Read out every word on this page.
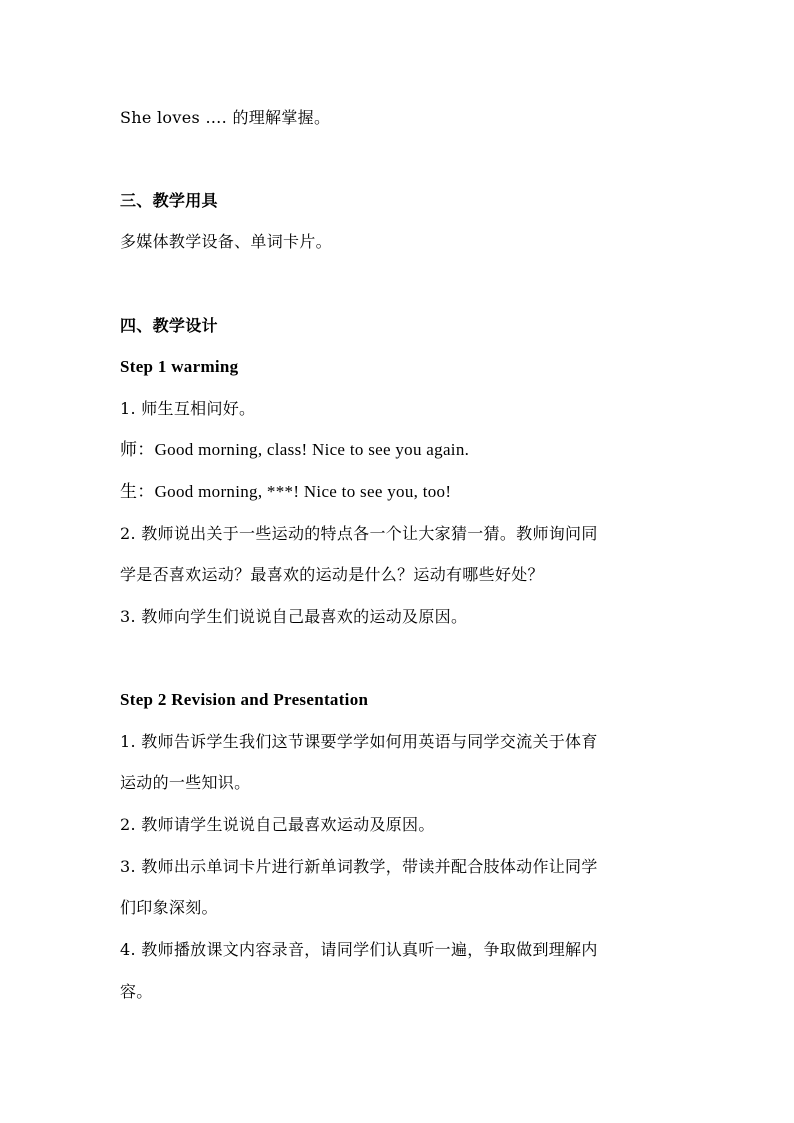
She loves …. 的理解掌握。
三、教学用具
多媒体教学设备、单词卡片。
四、教学设计
Step 1 warming
1. 师生互相问好。
师：Good morning, class! Nice to see you again.
生：Good morning, ***! Nice to see you, too!
2. 教师说出关于一些运动的特点各一个让大家猜一猜。教师询问同
学是否喜欢运动？最喜欢的运动是什么？运动有哪些好处？
3. 教师向学生们说说自己最喜欢的运动及原因。
Step 2 Revision and Presentation
1. 教师告诉学生我们这节课要学学如何用英语与同学交流关于体育
运动的一些知识。
2. 教师请学生说说自己最喜欢运动及原因。
3. 教师出示单词卡片进行新单词教学，带读并配合肢体动作让同学
们印象深刻。
4. 教师播放课文内容录音，请同学们认真听一遍，争取做到理解内
容。
